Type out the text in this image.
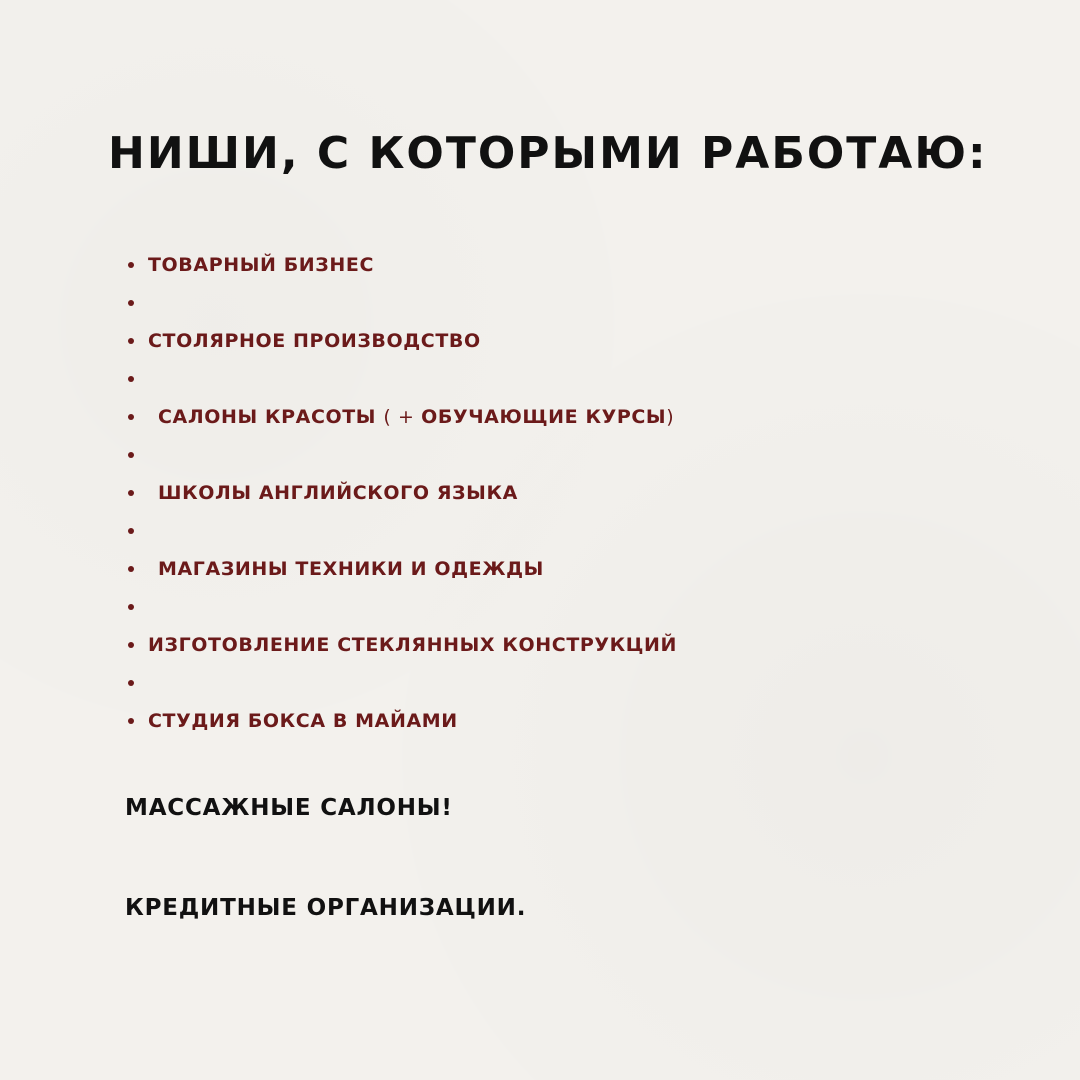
НИШИ, С КОТОРЫМИ РАБОТАЮ:
ТОВАРНЫЙ БИЗНЕС
СТОЛЯРНОЕ ПРОИЗВОДСТВО
САЛОНЫ КРАСОТЫ ( + ОБУЧАЮЩИЕ КУРСЫ)
ШКОЛЫ АНГЛИЙСКОГО ЯЗЫКА
МАГАЗИНЫ ТЕХНИКИ И ОДЕЖДЫ
ИЗГОТОВЛЕНИЕ СТЕКЛЯННЫХ КОНСТРУКЦИЙ
СТУДИЯ БОКСА В МАЙАМИ

МАССАЖНЫЕ САЛОНЫ!

КРЕДИТНЫЕ ОРГАНИЗАЦИИ.
